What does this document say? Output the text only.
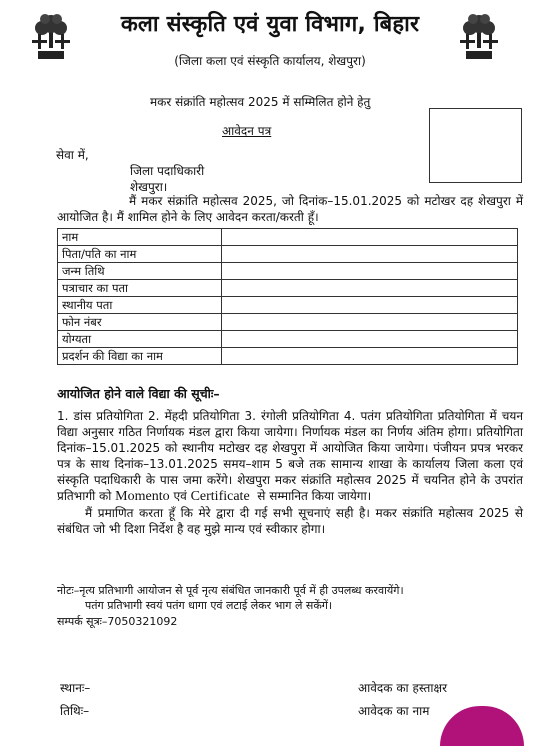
कला संस्कृति एवं युवा विभाग, बिहार
(जिला कला एवं संस्कृति कार्यालय, शेखपुरा)
मकर संक्रांति महोत्सव 2025 में सम्मिलित होने हेतु
आवेदन पत्र
सेवा में,
जिला पदाधिकारी
शेखपुरा।
मैं मकर संक्रांति महोत्सव 2025, जो दिनांक–15.01.2025 को मटोखर दह शेखपुरा में आयोजित है। मैं शामिल होने के लिए आवेदन करता/करती हूँ।
नाम	
पिता/पति का नाम	
जन्म तिथि	
पत्राचार का पता	
स्थानीय पता	
फोन नंबर	
योग्यता	
प्रदर्शन की विद्या का नाम	
आयोजित होने वाले विद्या की सूचीः–

1. डांस प्रतियोगिता 2. मेंहदी प्रतियोगिता 3. रंगोली प्रतियोगिता 4. पतंग प्रतियोगिता प्रतियोगिता में चयन विद्या अनुसार गठित निर्णायक मंडल द्वारा किया जायेगा। निर्णायक मंडल का निर्णय अंतिम होगा। प्रतियोगिता दिनांक–15.01.2025 को स्थानीय मटोखर दह शेखपुरा में आयोजित किया जायेगा। पंजीयन प्रपत्र भरकर पत्र के साथ दिनांक–13.01.2025 समय–शाम 5 बजे तक सामान्य शाखा के कार्यालय जिला कला एवं संस्कृति पदाधिकारी के पास जमा करेंगे। शेखपुरा मकर संक्रांति महोत्सव 2025 में चयनित होने के उपरांत प्रतिभागी को Momento एवं Certificate से सम्मानित किया जायेगा।

मैं प्रमाणित करता हूँ कि मेरे द्वारा दी गई सभी सूचनाएं सही है। मकर संक्रांति महोत्सव 2025 से संबंधित जो भी दिशा निर्देश है वह मुझे मान्य एवं स्वीकार होगा।

नोटः–नृत्य प्रतिभागी आयोजन से पूर्व नृत्य संबंधित जानकारी पूर्व में ही उपलब्ध करवायेंगे।
पतंग प्रतिभागी स्वयं पतंग धागा एवं लटाई लेकर भाग ले सकेंगें।
सम्पर्क सूत्रः–7050321092
स्थानः–
तिथिः–
आवेदक का हस्ताक्षर
आवेदक का नाम
